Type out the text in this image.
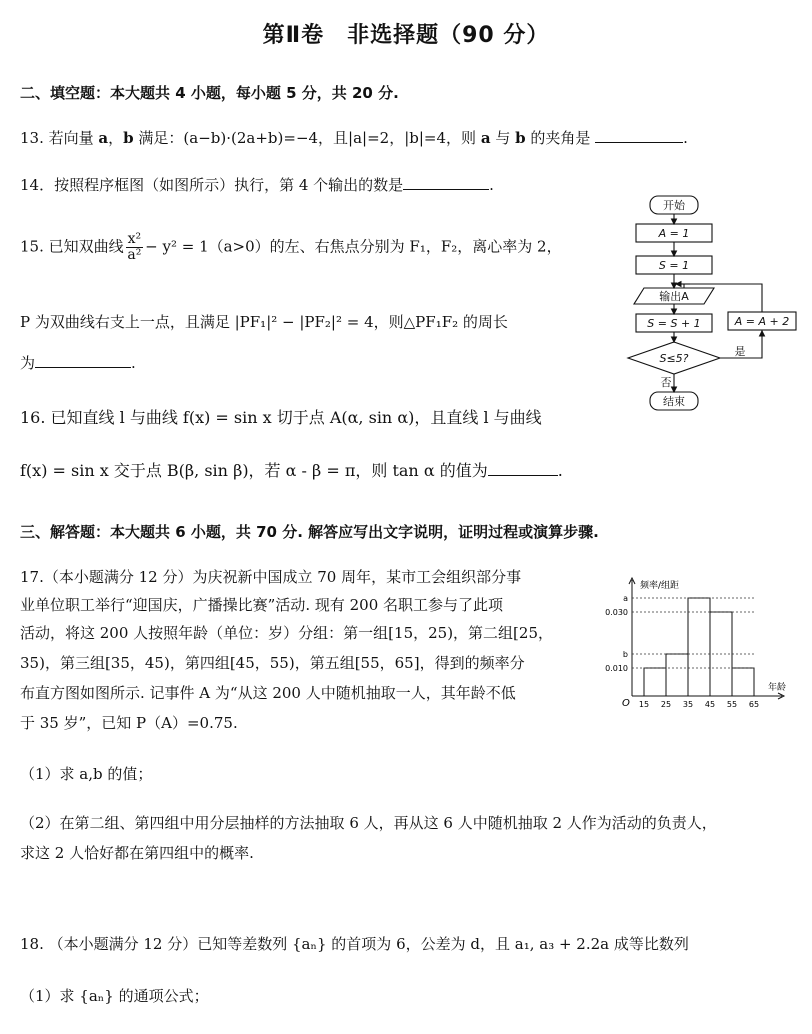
第Ⅱ卷　非选择题（90 分）
二、填空题：本大题共 4 小题，每小题 5 分，共 20 分.
13. 若向量 a，b 满足：(a−b)·(2a+b)=−4，且|a|=2，|b|=4，则 a 与 b 的夹角是	.
14．按照程序框图（如图所示）执行，第 4 个输出的数是	.
15. 已知双曲线 $\frac{\text{x²}}{\text{a²}} - y^2 = 1(a>0)$的左、右焦点分别为 F₁，F₂，离心率为 2，
P 为双曲线右支上一点，且满足 |PF₁|² − |PF₂|² = 4，则△PF₁F₂ 的周长
为	.
16. 已知直线 l 与曲线 f(x) = sin x 切于点 A(α, sin α)，且直线 l 与曲线
f(x) = sin x 交于点 B(β, sin β)，若 α - β = π，则 tan α 的值为	.
三、解答题：本大题共 6 小题，共 70 分. 解答应写出文字说明，证明过程或演算步骤.
17.（本小题满分 12 分）为庆祝新中国成立 70 周年，某市工会组织部分事
业单位职工举行“迎国庆，广播操比赛”活动. 现有 200 名职工参与了此项
活动，将这 200 人按照年龄（单位：岁）分组：第一组[15，25)，第二组[25，
35)，第三组[35，45)，第四组[45，55)，第五组[55，65]，得到的频率分
布直方图如图所示. 记事件 A 为“从这 200 人中随机抽取一人，其年龄不低
于 35 岁”，已知 P（A）=0.75.
（1）求 a,b 的值；
（2）在第二组、第四组中用分层抽样的方法抽取 6 人，再从这 6 人中随机抽取 2 人作为活动的负责人，
求这 2 人恰好都在第四组中的概率.
18. （本小题满分 12 分）已知等差数列 {aₙ} 的首项为 6，公差为 d，且 a₁, a₃ + 2.2a 成等比数列
（1）求 {aₙ} 的通项公式；
开始
A = 1
S = 1
输出A
S = S + 1
S≤5?
A = A + 2
是
否
结束
频率/组距
年龄
O
a
0.030
b
0.010
15 25 35 45 55 65
